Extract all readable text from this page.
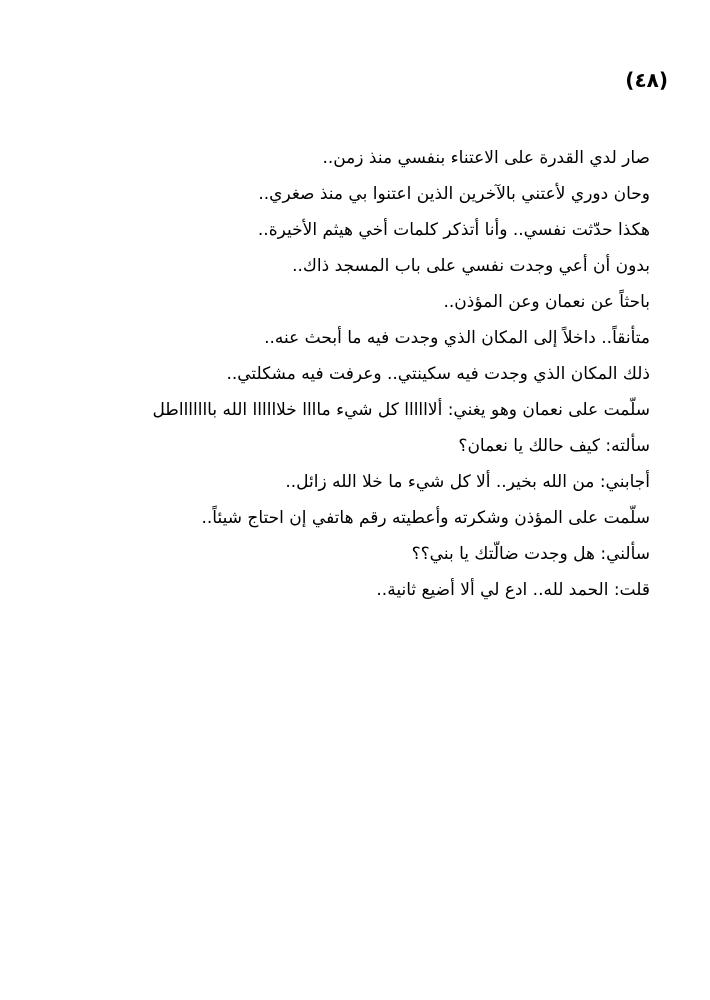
(٤٨)
صار لدي القدرة على الاعتناء بنفسي منذ زمن..
وحان دوري لأعتني بالآخرين الذين اعتنوا بي منذ صغري..
هكذا حدّثت نفسي.. وأنا أتذكر كلمات أخي هيثم الأخيرة..
بدون أن أعي وجدت نفسي على باب المسجد ذاك..
باحثاً عن نعمان وعن المؤذن..
متأنقاً.. داخلاً إلى المكان الذي وجدت فيه ما أبحث عنه..
ذلك المكان الذي وجدت فيه سكينتي.. وعرفت فيه مشكلتي..
سلّمت على نعمان وهو يغني: ألاااااا كل شيء ماااا خلاااااا الله باااااااطل
سألته: كيف حالك يا نعمان؟
أجابني: من الله بخير.. ألا كل شيء ما خلا الله زائل..
سلّمت على المؤذن وشكرته وأعطيته رقم هاتفي إن احتاج شيئاً..
سألني: هل وجدت ضالّتك يا بني؟؟
قلت: الحمد لله.. ادع لي ألا أضيع ثانية..
